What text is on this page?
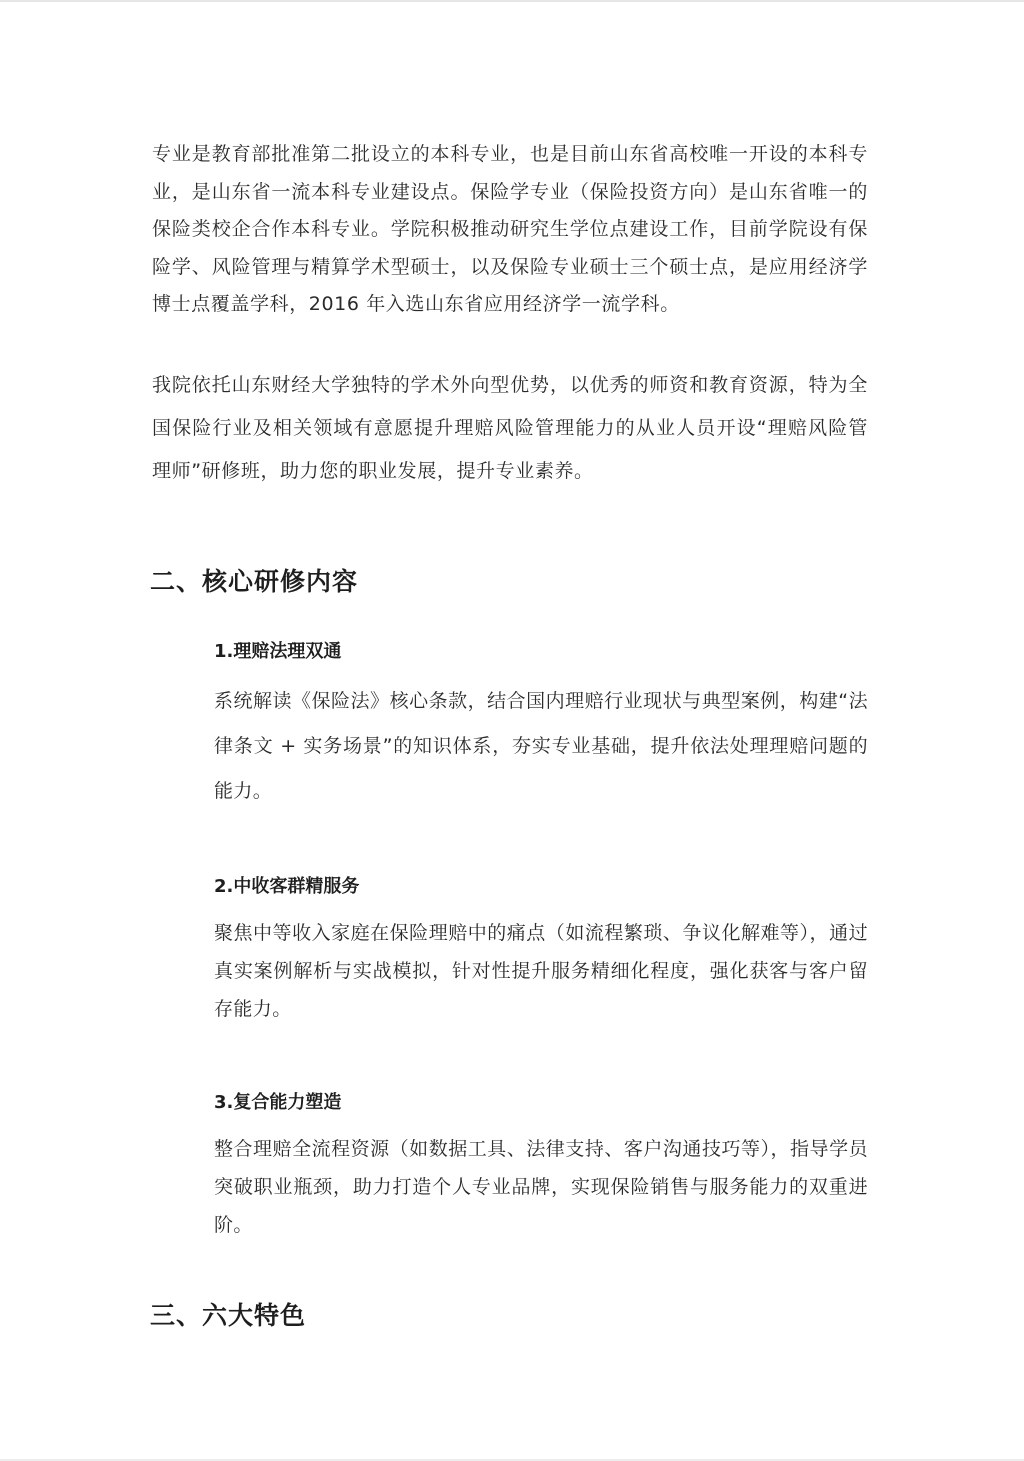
专业是教育部批准第二批设立的本科专业，也是目前山东省高校唯一开设的本科专业，是山东省一流本科专业建设点。保险学专业（保险投资方向）是山东省唯一的保险类校企合作本科专业。学院积极推动研究生学位点建设工作，目前学院设有保险学、风险管理与精算学术型硕士，以及保险专业硕士三个硕士点，是应用经济学博士点覆盖学科，2016 年入选山东省应用经济学一流学科。

我院依托山东财经大学独特的学术外向型优势，以优秀的师资和教育资源，特为全国保险行业及相关领域有意愿提升理赔风险管理能力的从业人员开设“理赔风险管理师”研修班，助力您的职业发展，提升专业素养。

二、核心研修内容
1.理赔法理双通

系统解读《保险法》核心条款，结合国内理赔行业现状与典型案例，构建“法律条文 + 实务场景”的知识体系，夯实专业基础，提升依法处理理赔问题的能力。

2.中收客群精服务

聚焦中等收入家庭在保险理赔中的痛点（如流程繁琐、争议化解难等），通过真实案例解析与实战模拟，针对性提升服务精细化程度，强化获客与客户留存能力。

3.复合能力塑造

整合理赔全流程资源（如数据工具、法律支持、客户沟通技巧等），指导学员突破职业瓶颈，助力打造个人专业品牌，实现保险销售与服务能力的双重进阶。

三、六大特色
